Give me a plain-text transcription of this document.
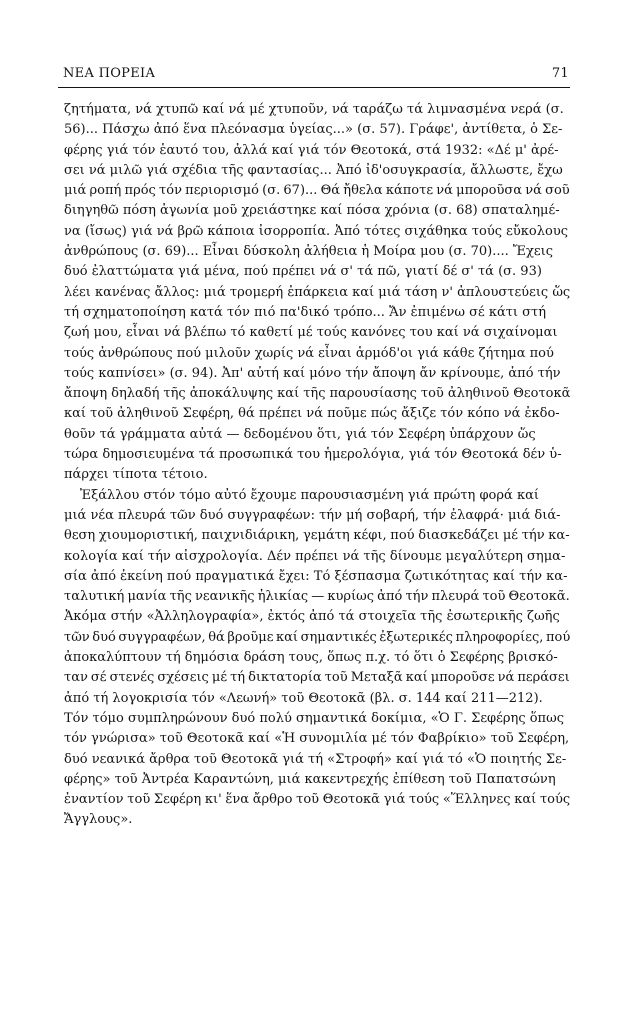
ΝΕΑ ΠΟΡΕΙΑ	71
ζητήματα, νά χτυπῶ καί νά μέ χτυποῦν, νά ταράζω τά λιμνασμένα νερά (σ.
56)... Πάσχω ἀπό ἕνα πλεόνασμα ὑγείας...» (σ. 57). Γράφε', ἀντίθετα, ὁ Σε-
φέρης γιά τόν ἑαυτό του, ἀλλά καί γιά τόν Θεοτοκά, στά 1932: «Δέ μ' ἀρέ-
σει νά μιλῶ γιά σχέδια τῆς φαντασίας... Ἀπό ἰδ'οσυγκρασία, ἄλλωστε, ἔχω
μιά ροπή πρός τόν περιορισμό (σ. 67)... Θά ἤθελα κάποτε νά μποροῦσα νά σοῦ
διηγηθῶ πόση ἀγωνία μοῦ χρειάστηκε καί πόσα χρόνια (σ. 68) σπαταλημέ-
να (ἴσως) γιά νά βρῶ κάποια ἰσορροπία. Ἀπό τότες σιχάθηκα τούς εὔκολους
ἀνθρώπους (σ. 69)... Εἶναι δύσκολη ἀλήθεια ἡ Μοίρα μου (σ. 70).... Ἔχεις
δυό ἐλαττώματα γιά μένα, πού πρέπει νά σ' τά πῶ, γιατί δέ σ' τά (σ. 93)
λέει κανένας ἄλλος: μιά τρομερή ἐπάρκεια καί μιά τάση ν' ἀπλουστεύεις ὥς
τή σχηματοποίηση κατά τόν πιό πα'δικό τρόπο... Ἄν ἐπιμένω σέ κάτι στή
ζωή μου, εἶναι νά βλέπω τό καθετί μέ τούς κανόνες του καί νά σιχαίνομαι
τούς ἀνθρώπους πού μιλοῦν χωρίς νά εἶναι ἁρμόδ'οι γιά κάθε ζήτημα πού
τούς καπνίσει» (σ. 94). Ἀπ' αὐτή καί μόνο τήν ἄποψη ἄν κρίνουμε, ἀπό τήν
ἄποψη δηλαδή τῆς ἀποκάλυψης καί τῆς παρουσίασης τοῦ ἀληθινοῦ Θεοτοκᾶ
καί τοῦ ἀληθινοῦ Σεφέρη, θά πρέπει νά ποῦμε πώς ἄξιζε τόν κόπο νά ἐκδο-
θοῦν τά γράμματα αὐτά — δεδομένου ὅτι, γιά τόν Σεφέρη ὑπάρχουν ὥς
τώρα δημοσιευμένα τά προσωπικά του ἡμερολόγια, γιά τόν Θεοτοκά δέν ὑ-
πάρχει τίποτα τέτοιο.
Ἐξάλλου στόν τόμο αὐτό ἔχουμε παρουσιασμένη γιά πρώτη φορά καί
μιά νέα πλευρά τῶν δυό συγγραφέων: τήν μή σοβαρή, τήν ἐλαφρά· μιά διά-
θεση χιουμοριστική, παιχνιδιάρικη, γεμάτη κέφι, πού διασκεδάζει μέ τήν κα-
κολογία καί τήν αἰσχρολογία. Δέν πρέπει νά τῆς δίνουμε μεγαλύτερη σημα-
σία ἀπό ἐκείνη πού πραγματικά ἔχει: Τό ξέσπασμα ζωτικότητας καί τήν κα-
ταλυτική μανία τῆς νεανικῆς ἡλικίας — κυρίως ἀπό τήν πλευρά τοῦ Θεοτοκᾶ.
Ἀκόμα στήν «Ἀλληλογραφία», ἐκτός ἀπό τά στοιχεῖα τῆς ἐσωτερικῆς ζωῆς
τῶν δυό συγγραφέων, θά βροῦμε καί σημαντικές ἐξωτερικές πληροφορίες, πού
ἀποκαλύπτουν τή δημόσια δράση τους, ὅπως π.χ. τό ὅτι ὁ Σεφέρης βρισκό-
ταν σέ στενές σχέσεις μέ τή δικτατορία τοῦ Μεταξᾶ καί μποροῦσε νά περάσει
ἀπό τή λογοκρισία τόν «Λεωνή» τοῦ Θεοτοκᾶ (βλ. σ. 144 καί 211—212).
Τόν τόμο συμπληρώνουν δυό πολύ σημαντικά δοκίμια, «Ὁ Γ. Σεφέρης ὅπως
τόν γνώρισα» τοῦ Θεοτοκᾶ καί «Ἡ συνομιλία μέ τόν Φαβρίκιο» τοῦ Σεφέρη,
δυό νεανικά ἄρθρα τοῦ Θεοτοκᾶ γιά τή «Στροφή» καί γιά τό «Ὁ ποιητής Σε-
φέρης» τοῦ Ἀντρέα Καραντώνη, μιά κακεντρεχής ἐπίθεση τοῦ Παπατσώνη
ἐναντίον τοῦ Σεφέρη κι' ἕνα ἄρθρο τοῦ Θεοτοκᾶ γιά τούς «Ἕλληνες καί τούς
Ἄγγλους».
